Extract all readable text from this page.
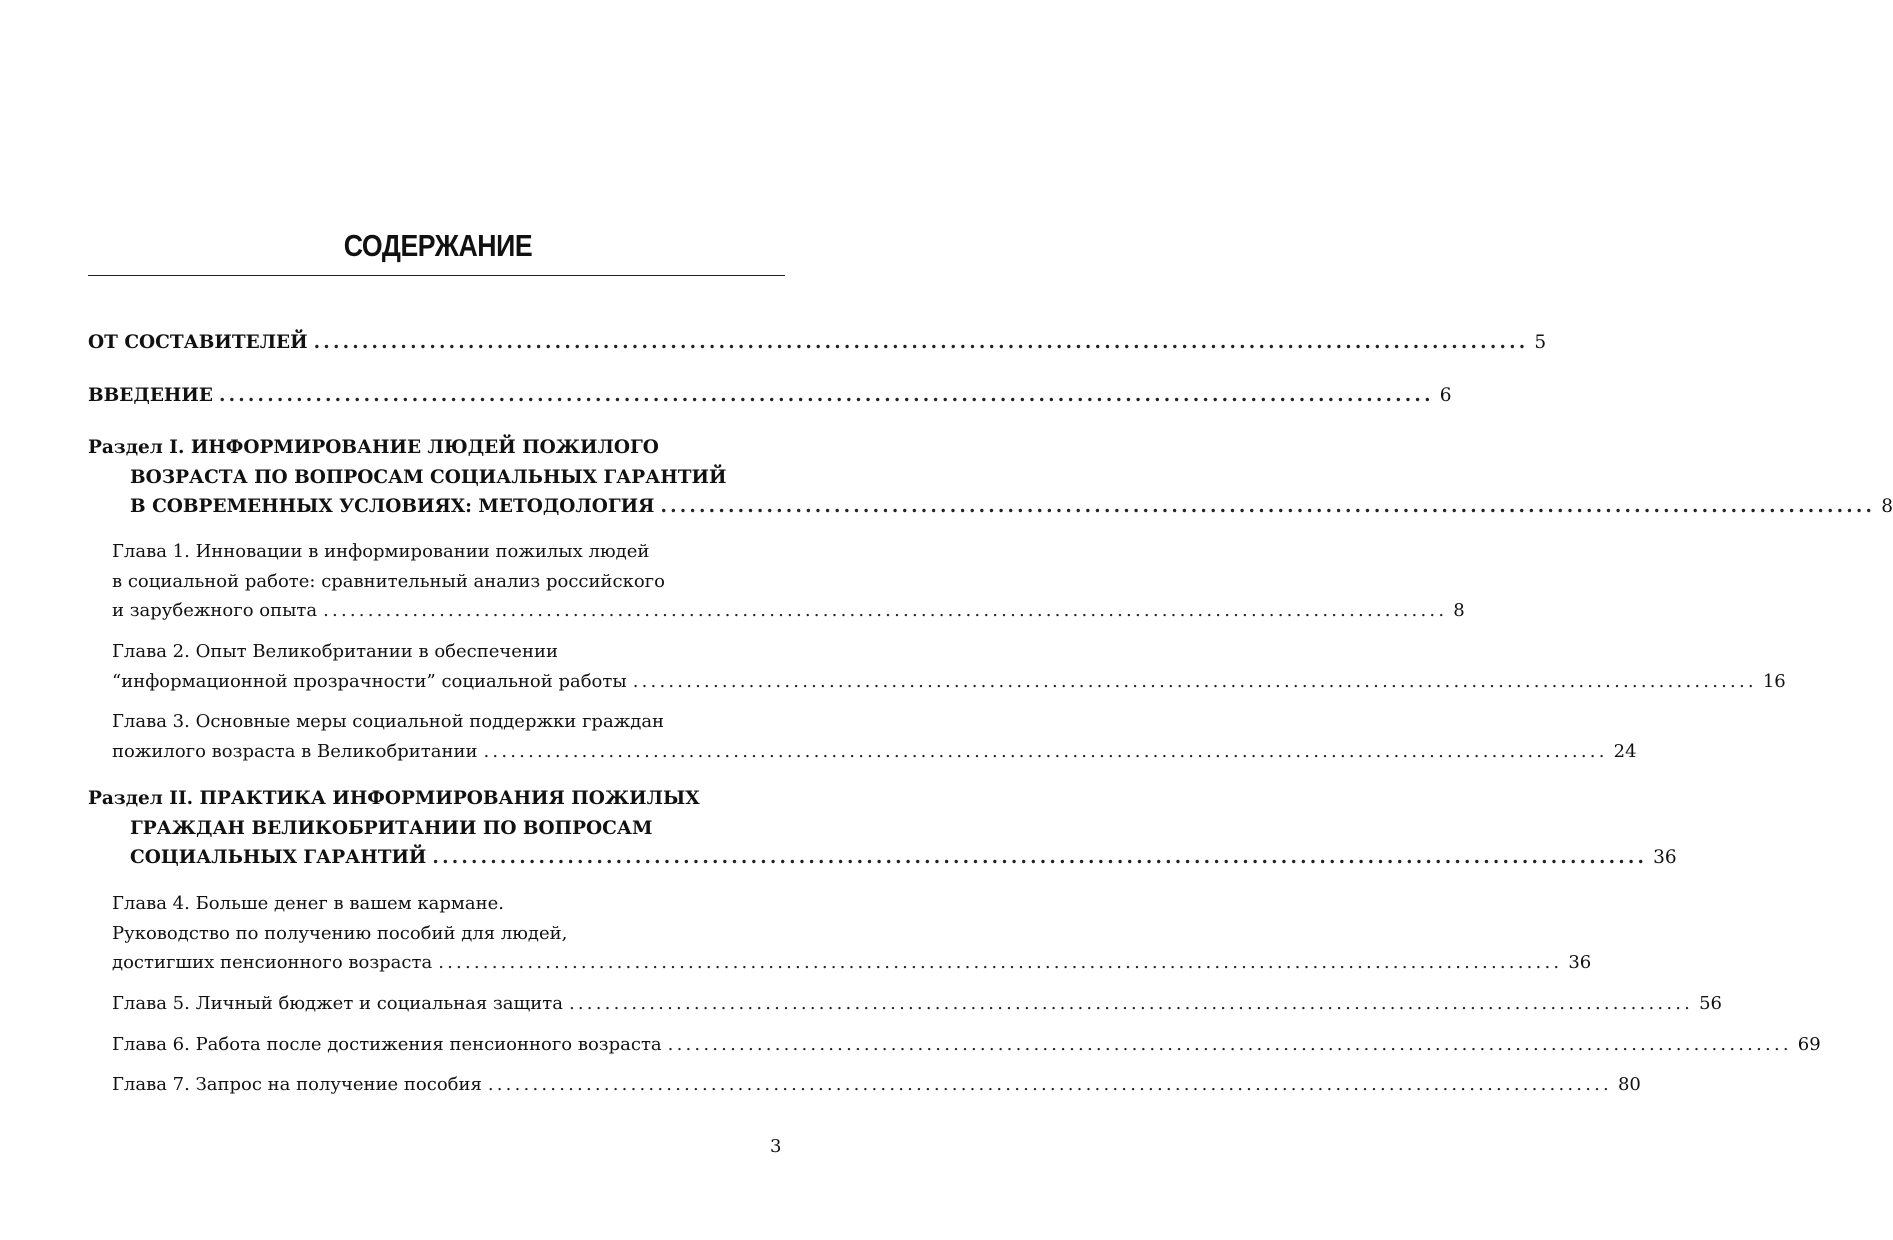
СОДЕРЖАНИЕ
ОТ СОСТАВИТЕЛЕЙ .............................................................................................................................. 5
ВВЕДЕНИЕ .............................................................................................................................. 6
Раздел I. ИНФОРМИРОВАНИЕ ЛЮДЕЙ ПОЖИЛОГО
ВОЗРАСТА ПО ВОПРОСАМ СОЦИАЛЬНЫХ ГАРАНТИЙ
В СОВРЕМЕННЫХ УСЛОВИЯХ: МЕТОДОЛОГИЯ .............................................................................................................................. 8
Глава 1. Инновации в информировании пожилых людей
в социальной работе: сравнительный анализ российского
и зарубежного опыта .............................................................................................................................. 8
Глава 2. Опыт Великобритании в обеспечении
“информационной прозрачности” социальной работы .............................................................................................................................. 16
Глава 3. Основные меры социальной поддержки граждан
пожилого возраста в Великобритании .............................................................................................................................. 24
Раздел II. ПРАКТИКА ИНФОРМИРОВАНИЯ ПОЖИЛЫХ
ГРАЖДАН ВЕЛИКОБРИТАНИИ ПО ВОПРОСАМ
СОЦИАЛЬНЫХ ГАРАНТИЙ .............................................................................................................................. 36
Глава 4. Больше денег в вашем кармане.
Руководство по получению пособий для людей,
достигших пенсионного возраста .............................................................................................................................. 36
Глава 5. Личный бюджет и социальная защита .............................................................................................................................. 56
Глава 6. Работа после достижения пенсионного возраста .............................................................................................................................. 69
Глава 7. Запрос на получение пособия .............................................................................................................................. 80
3
